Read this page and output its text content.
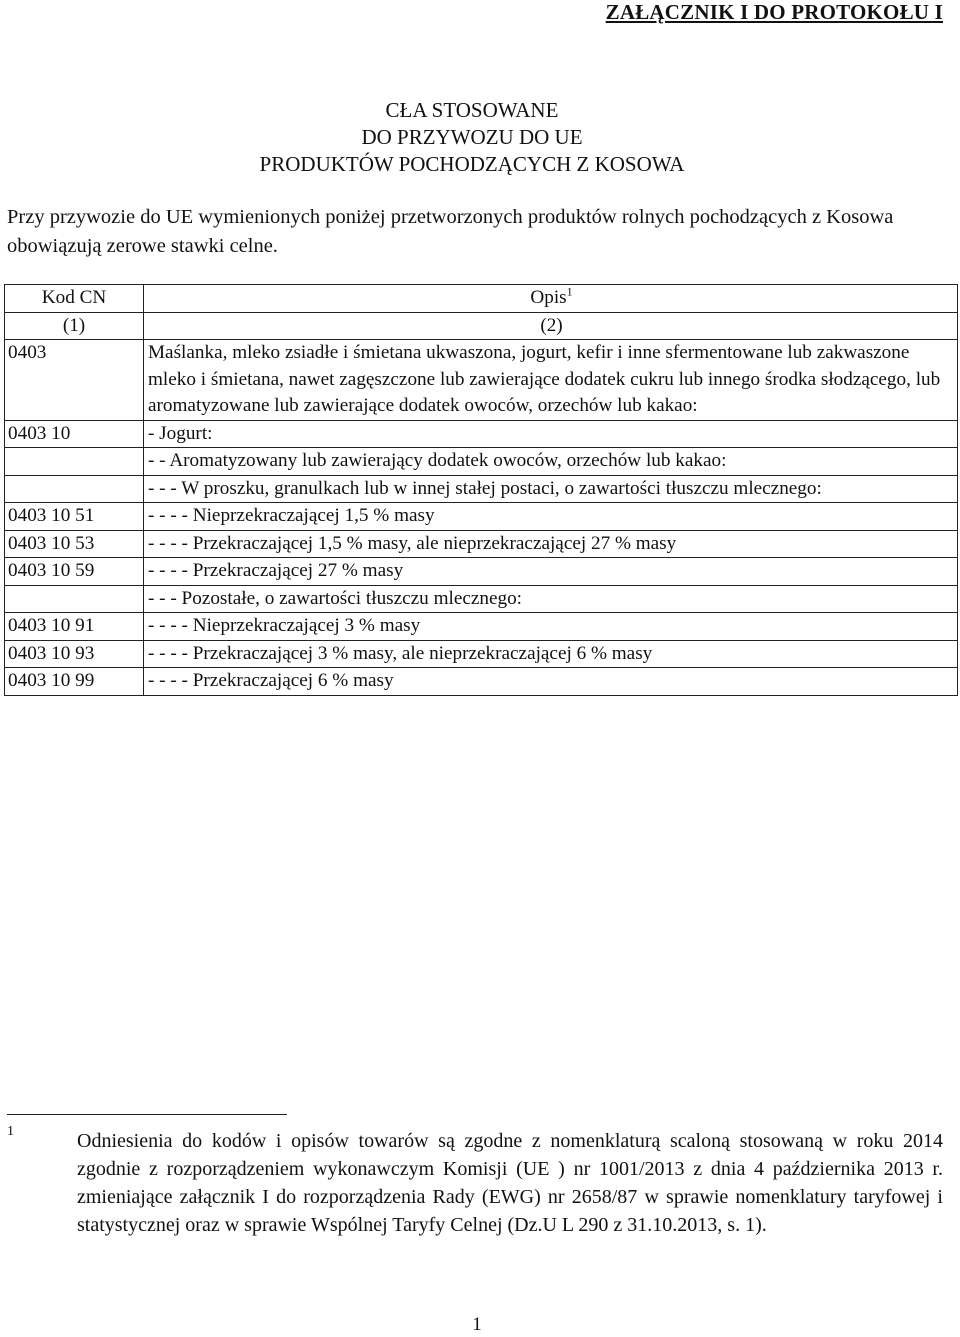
ZAŁĄCZNIK I DO PROTOKOŁU I
CŁA STOSOWANE
DO PRZYWOZU DO UE
PRODUKTÓW POCHODZĄCYCH Z KOSOWA
Przy przywozie do UE wymienionych poniżej przetworzonych produktów rolnych pochodzących z Kosowa obowiązują zerowe stawki celne.
Kod CN	Opis$^1$
(1)	(2)
0403	Maślanka, mleko zsiadłe i śmietana ukwaszona, jogurt, kefir i inne sfermentowane lub zakwaszone mleko i śmietana, nawet zagęszczone lub zawierające dodatek cukru lub innego środka słodzącego, lub aromatyzowane lub zawierające dodatek owoców, orzechów lub kakao:
0403 10	- Jogurt:
	- - Aromatyzowany lub zawierający dodatek owoców, orzechów lub kakao:
	- - - W proszku, granulkach lub w innej stałej postaci, o zawartości tłuszczu mlecznego:
0403 10 51	- - - - Nieprzekraczającej 1,5 % masy
0403 10 53	- - - - Przekraczającej 1,5 % masy, ale nieprzekraczającej 27 % masy
0403 10 59	- - - - Przekraczającej 27 % masy
	- - - Pozostałe, o zawartości tłuszczu mlecznego:
0403 10 91	- - - - Nieprzekraczającej 3 % masy
0403 10 93	- - - - Przekraczającej 3 % masy, ale nieprzekraczającej 6 % masy
0403 10 99	- - - - Przekraczającej 6 % masy
1	Odniesienia do kodów i opisów towarów są zgodne z nomenklaturą scaloną stosowaną w roku 2014 zgodnie z rozporządzeniem wykonawczym Komisji (UE ) nr 1001/2013 z dnia 4 października 2013 r. zmieniające załącznik I do rozporządzenia Rady (EWG) nr 2658/87 w sprawie nomenklatury taryfowej i statystycznej oraz w sprawie Wspólnej Taryfy Celnej (Dz.U L 290 z 31.10.2013, s. 1).
1
